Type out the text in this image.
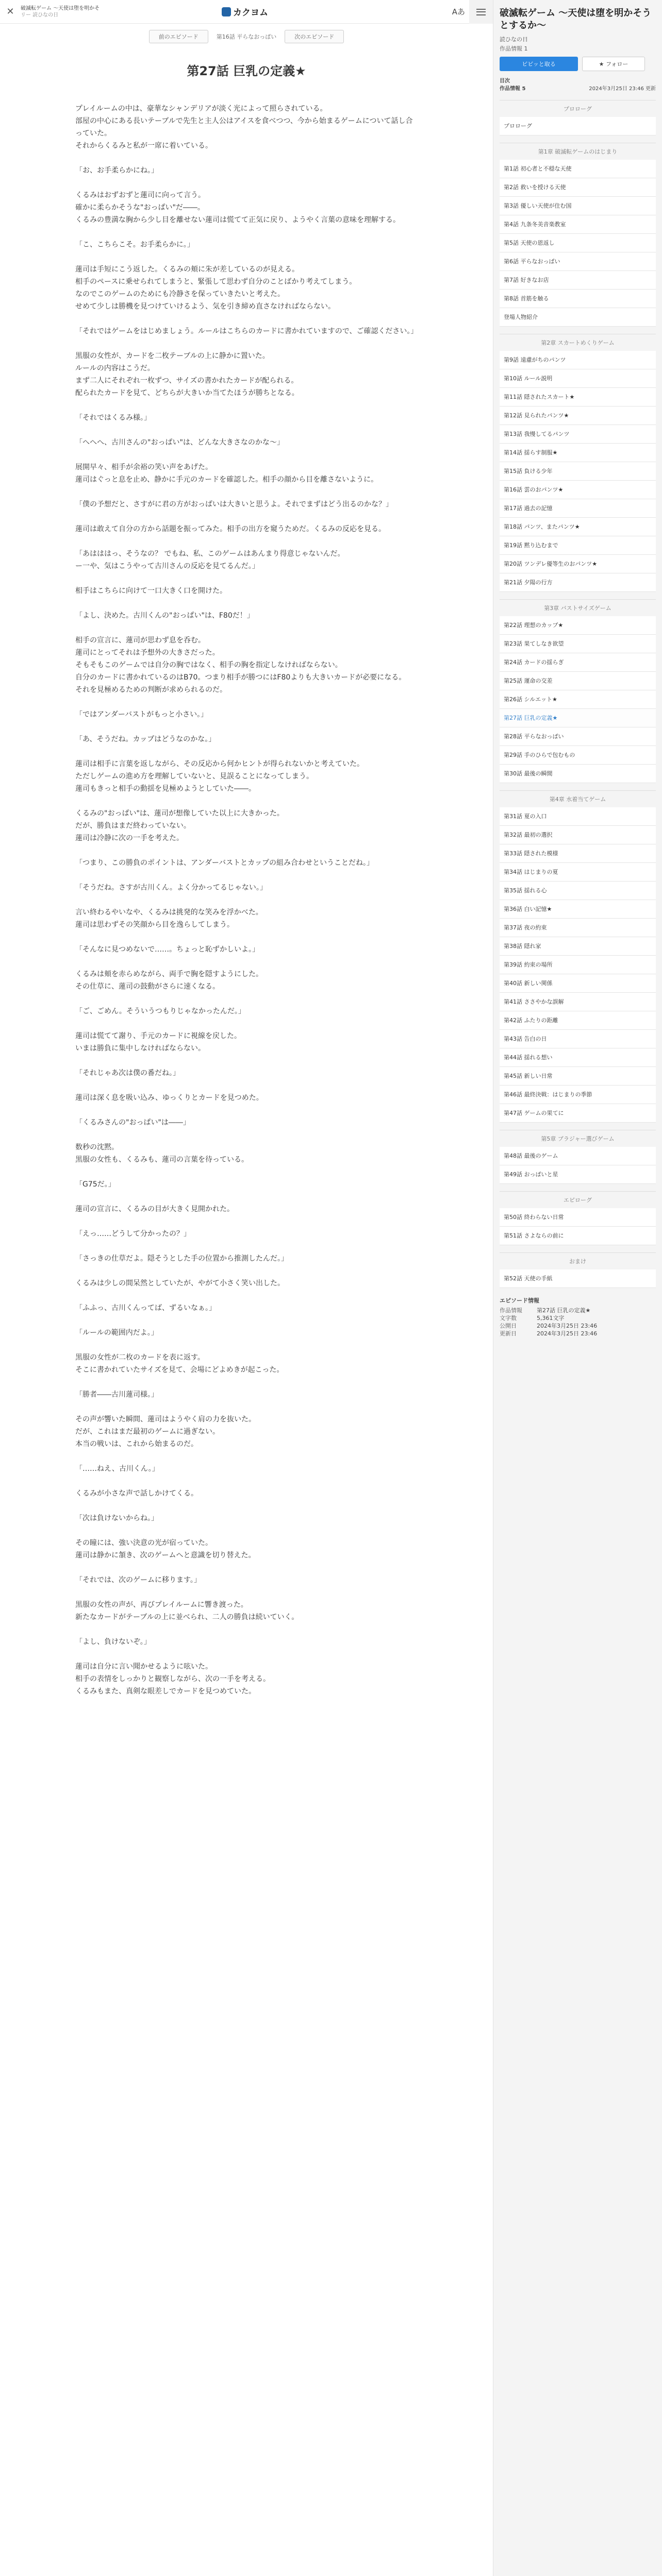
✕	破滅転ゲーム 〜天使は堕を明かそ
リー 読ひなの日	カクヨム	Aあ
前のエピソード	第16話 平らなおっぱい	次のエピソード
第27話 巨乳の定義★

プレイルームの中は、豪華なシャンデリアが淡く光によって照らされている。
部屋の中心にある長いテーブルで先生と主人公はアイスを食べつつ、今から始まるゲームについて話し合っていた。
それからくるみと私が一席に着いている。

「お、お手柔らかにね。」

くるみはおずおずと蓮司に向って言う。
確かに柔らかそうな"おっぱい"だ――。
くるみの豊満な胸から少し目を離せない蓮司は慌てて正気に戻り、ようやく言葉の意味を理解する。

「こ、こちらこそ。お手柔らかに。」

蓮司は手短にこう返した。くるみの頬に朱が差しているのが見える。
相手のペースに乗せられてしまうと、緊張して思わず自分のことばかり考えてしまう。
なのでこのゲームのためにも冷静さを保っていきたいと考えた。
せめて少しは勝機を見つけていけるよう、気を引き締め直さなければならない。

「それではゲームをはじめましょう。ルールはこちらのカードに書かれていますので、ご確認ください。」

黒服の女性が、カードを二枚テーブルの上に静かに置いた。
ルールの内容はこうだ。
まず二人にそれぞれ一枚ずつ、サイズの書かれたカードが配られる。
配られたカードを見て、どちらが大きいか当てたほうが勝ちとなる。

「それではくるみ様。」

「へへへ、古川さんの"おっぱい"は、どんな大きさなのかな～」

展開早々、相手が余裕の笑い声をあげた。
蓮司はぐっと息を止め、静かに手元のカードを確認した。相手の顔から目を離さないように。

「僕の予想だと、さすがに君の方がおっぱいは大きいと思うよ。それでまずはどう出るのかな？」

蓮司は敢えて自分の方から話題を振ってみた。相手の出方を窺うためだ。くるみの反応を見る。

「あはははっ、そうなの？ でもね、私、このゲームはあんまり得意じゃないんだ。
ー一や、気はこうやって古川さんの反応を見てるんだ。」

相手はこちらに向けて一口大きく口を開けた。

「よし、決めた。古川くんの"おっぱい"は、F80だ！」

相手の宣言に、蓮司が思わず息を呑む。
蓮司にとってそれは予想外の大きさだった。
そもそもこのゲームでは自分の胸ではなく、相手の胸を指定しなければならない。
自分のカードに書かれているのはB70。つまり相手が勝つにはF80よりも大きいカードが必要になる。
それを見極めるための判断が求められるのだ。

「ではアンダーバストがもっと小さい。」

「あ、そうだね。カップはどうなのかな。」

蓮司は相手に言葉を返しながら、その反応から何かヒントが得られないかと考えていた。
ただしゲームの進め方を理解していないと、見誤ることになってしまう。
蓮司もきっと相手の動揺を見極めようとしていた――。

くるみの"おっぱい"は、蓮司が想像していた以上に大きかった。
だが、勝負はまだ終わっていない。
蓮司は冷静に次の一手を考えた。

「つまり、この勝負のポイントは、アンダーバストとカップの組み合わせということだね。」

「そうだね。さすが古川くん。よく分かってるじゃない。」

言い終わるやいなや、くるみは挑発的な笑みを浮かべた。
蓮司は思わずその笑顔から目を逸らしてしまう。

「そんなに見つめないで……。ちょっと恥ずかしいよ。」

くるみは頬を赤らめながら、両手で胸を隠すようにした。
その仕草に、蓮司の鼓動がさらに速くなる。

「ご、ごめん。そういうつもりじゃなかったんだ。」

蓮司は慌てて謝り、手元のカードに視線を戻した。
いまは勝負に集中しなければならない。

「それじゃあ次は僕の番だね。」

蓮司は深く息を吸い込み、ゆっくりとカードを見つめた。

「くるみさんの"おっぱい"は――」

数秒の沈黙。
黒服の女性も、くるみも、蓮司の言葉を待っている。

「G75だ。」

蓮司の宣言に、くるみの目が大きく見開かれた。

「えっ……どうして分かったの？」

「さっきの仕草だよ。隠そうとした手の位置から推測したんだ。」

くるみは少しの間呆然としていたが、やがて小さく笑い出した。

「ふふっ、古川くんってば、ずるいなぁ。」

「ルールの範囲内だよ。」

黒服の女性が二枚のカードを表に返す。
そこに書かれていたサイズを見て、会場にどよめきが起こった。

「勝者――古川蓮司様。」

その声が響いた瞬間、蓮司はようやく肩の力を抜いた。
だが、これはまだ最初のゲームに過ぎない。
本当の戦いは、これから始まるのだ。

「……ねえ、古川くん。」

くるみが小さな声で話しかけてくる。

「次は負けないからね。」

その瞳には、強い決意の光が宿っていた。
蓮司は静かに頷き、次のゲームへと意識を切り替えた。

「それでは、次のゲームに移ります。」

黒服の女性の声が、再びプレイルームに響き渡った。
新たなカードがテーブルの上に並べられ、二人の勝負は続いていく。

「よし、負けないぞ。」

蓮司は自分に言い聞かせるように呟いた。
相手の表情をしっかりと観察しながら、次の一手を考える。
くるみもまた、真剣な眼差しでカードを見つめていた。

破滅転ゲーム 〜天使は堕を明かそうとするか〜
読ひなの日
作品情報 1
ビビッと取る	★ フォロー
目次
作品情報 5	2024年3月25日 23:46 更新
プロローグ
プロローグ
第1章 破滅転ゲームのはじまり
第1話 初心者と不穏な天使
第2話 救いを授ける天使
第3話 優しい天使が住む国
第4話 九条冬美音楽教室
第5話 天使の恩返し
第6話 平らなおっぱい
第7話 好きなお店
第8話 首筋を触る
登場人物紹介
第2章 スカートめくりゲーム
第9話 遠慮がちのパンツ
第10話 ルール説明
第11話 隠されたスカート★
第12話 見られたパンツ★
第13話 我慢してるパンツ
第14話 揺らす制服★
第15話 負ける少年
第16話 雲のおパンツ★
第17話 過去の記憶
第18話 パンツ、またパンツ★
第19話 黙り込むまで
第20話 ツンデレ優等生のおパンツ★
第21話 夕陽の行方
第3章 バストサイズゲーム
第22話 理想のカップ★
第23話 果てしなき欲望
第24話 カードの揺らぎ
第25話 運命の交差
第26話 シルエット★
第27話 巨乳の定義★
第28話 平らなおっぱい
第29話 手のひらで包むもの
第30話 最後の瞬間
第4章 水着当てゲーム
第31話 夏の入口
第32話 最初の選択
第33話 隠された模様
第34話 はじまりの夏
第35話 揺れる心
第36話 白い記憶★
第37話 夜の約束
第38話 隠れ家
第39話 約束の場所
第40話 新しい関係
第41話 ささやかな誤解
第42話 ふたりの距離
第43話 告白の日
第44話 揺れる想い
第45話 新しい日常
第46話 最終決戦：はじまりの季節
第47話 ゲームの果てに
第5章 ブラジャー選びゲーム
第48話 最後のゲーム
第49話 おっぱいと星
エピローグ
第50話 終わらない日常
第51話 さよならの前に
おまけ
第52話 天使の手紙
エピソード情報
作品情報	第27話 巨乳の定義★
文字数	5,361文字
公開日	2024年3月25日 23:46
更新日	2024年3月25日 23:46
